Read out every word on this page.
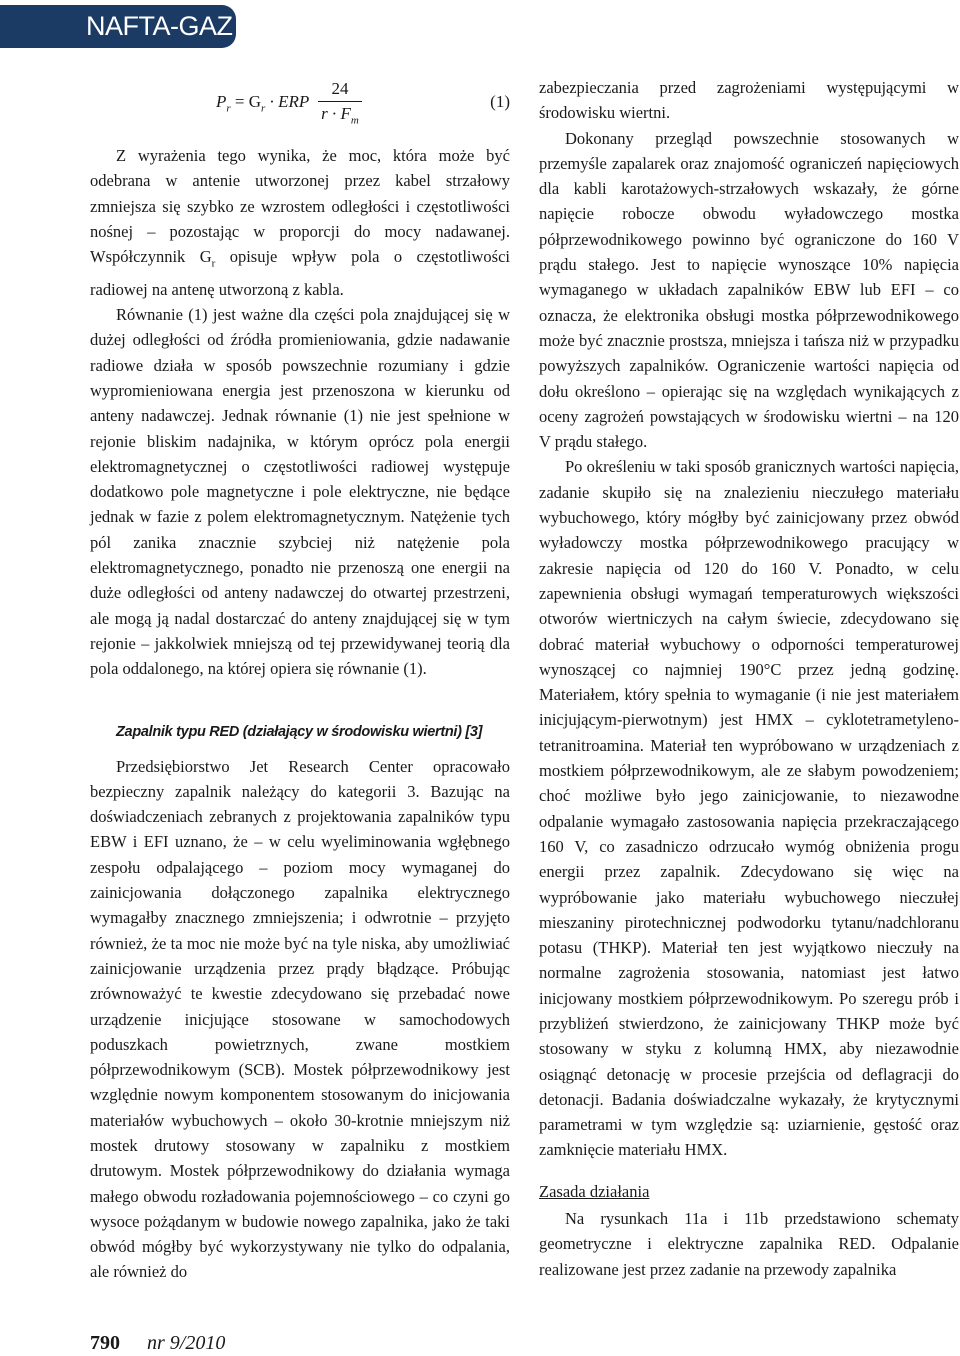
NAFTA-GAZ
$P_r = G_r$ · ERP $\frac{24}{r \cdot F_m}$	(1)

Z wyrażenia tego wynika, że moc, która może być odebrana w antenie utworzonej przez kabel strzałowy zmniejsza się szybko ze wzrostem odległości i częstotliwości nośnej – pozostając w proporcji do mocy nadawanej. Współczynnik $G_r$ opisuje wpływ pola o częstotliwości radiowej na antenę utworzoną z kabla.

Równanie (1) jest ważne dla części pola znajdującej się w dużej odległości od źródła promieniowania, gdzie nadawanie radiowe działa w sposób powszechnie rozumiany i gdzie wypromieniowana energia jest przenoszona w kierunku od anteny nadawczej. Jednak równanie (1) nie jest spełnione w rejonie bliskim nadajnika, w którym oprócz pola energii elektromagnetycznej o częstotliwości radiowej występuje dodatkowo pole magnetyczne i pole elektryczne, nie będące jednak w fazie z polem elektromagnetycznym. Natężenie tych pól zanika znacznie szybciej niż natężenie pola elektromagnetycznego, ponadto nie przenoszą one energii na duże odległości od anteny nadawczej do otwartej przestrzeni, ale mogą ją nadal dostarczać do anteny znajdującej się w tym rejonie – jakkolwiek mniejszą od tej przewidywanej teorią dla pola oddalonego, na której opiera się równanie (1).

Zapalnik typu RED (działający w środowisku wiertni) [3]

Przedsiębiorstwo Jet Research Center opracowało bezpieczny zapalnik należący do kategorii 3. Bazując na doświadczeniach zebranych z projektowania zapalników typu EBW i EFI uznano, że – w celu wyeliminowania wgłębnego zespołu odpalającego – poziom mocy wymaganej do zainicjowania dołączonego zapalnika elektrycznego wymagałby znacznego zmniejszenia; i odwrotnie – przyjęto również, że ta moc nie może być na tyle niska, aby umożliwiać zainicjowanie urządzenia przez prądy błądzące. Próbując zrównoważyć te kwestie zdecydowano się przebadać nowe urządzenie inicjujące stosowane w samochodowych poduszkach powietrznych, zwane mostkiem półprzewodnikowym (SCB). Mostek półprzewodnikowy jest względnie nowym komponentem stosowanym do inicjowania materiałów wybuchowych – około 30-krotnie mniejszym niż mostek drutowy stosowany w zapalniku z mostkiem drutowym. Mostek półprzewodnikowy do działania wymaga małego obwodu rozładowania pojemnościowego – co czyni go wysoce pożądanym w budowie nowego zapalnika, jako że taki obwód mógłby być wykorzystywany nie tylko do odpalania, ale również do

zabezpieczania przed zagrożeniami występującymi w środowisku wiertni.

Dokonany przegląd powszechnie stosowanych w przemyśle zapalarek oraz znajomość ograniczeń napięciowych dla kabli karotażowych-strzałowych wskazały, że górne napięcie robocze obwodu wyładowczego mostka półprzewodnikowego powinno być ograniczone do 160 V prądu stałego. Jest to napięcie wynoszące 10% napięcia wymaganego w układach zapalników EBW lub EFI – co oznacza, że elektronika obsługi mostka półprzewodnikowego może być znacznie prostsza, mniejsza i tańsza niż w przypadku powyższych zapalników. Ograniczenie wartości napięcia od dołu określono – opierając się na względach wynikających z oceny zagrożeń powstających w środowisku wiertni – na 120 V prądu stałego.

Po określeniu w taki sposób granicznych wartości napięcia, zadanie skupiło się na znalezieniu nieczułego materiału wybuchowego, który mógłby być zainicjowany przez obwód wyładowczy mostka półprzewodnikowego pracujący w zakresie napięcia od 120 do 160 V. Ponadto, w celu zapewnienia obsługi wymagań temperaturowych większości otworów wiertniczych na całym świecie, zdecydowano się dobrać materiał wybuchowy o odporności temperaturowej wynoszącej co najmniej 190°C przez jedną godzinę. Materiałem, który spełnia to wymaganie (i nie jest materiałem inicjującym-pierwotnym) jest HMX – cyklotetrametyleno-tetranitroamina. Materiał ten wypróbowano w urządzeniach z mostkiem półprzewodnikowym, ale ze słabym powodzeniem; choć możliwe było jego zainicjowanie, to niezawodne odpalanie wymagało zastosowania napięcia przekraczającego 160 V, co zasadniczo odrzucało wymóg obniżenia progu energii przez zapalnik. Zdecydowano się więc na wypróbowanie jako materiału wybuchowego nieczułej mieszaniny pirotechnicznej podwodorku tytanu/nadchloranu potasu (THKP). Materiał ten jest wyjątkowo nieczuły na normalne zagrożenia stosowania, natomiast jest łatwo inicjowany mostkiem półprzewodnikowym. Po szeregu prób i przybliżeń stwierdzono, że zainicjowany THKP może być stosowany w styku z kolumną HMX, aby niezawodnie osiągnąć detonację w procesie przejścia od deflagracji do detonacji. Badania doświadczalne wykazały, że krytycznymi parametrami w tym względzie są: uziarnienie, gęstość oraz zamknięcie materiału HMX.

Zasada działania

Na rysunkach 11a i 11b przedstawiono schematy geometryczne i elektryczne zapalnika RED. Odpalanie realizowane jest przez zadanie na przewody zapalnika

790 nr 9/2010
